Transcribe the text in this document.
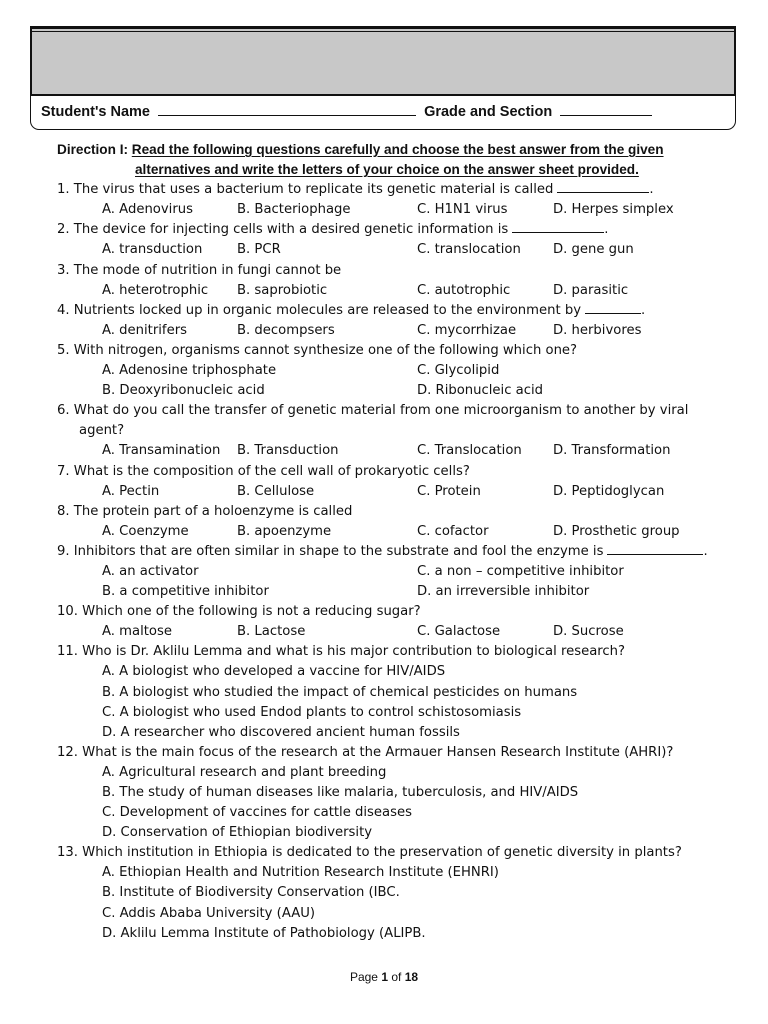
Student's Name	Grade and Section
Direction I: Read the following questions carefully and choose the best answer from the given
alternatives and write the letters of your choice on the answer sheet provided.
1. The virus that uses a bacterium to replicate its genetic material is called	.
A. Adenovirus	B. Bacteriophage	C. H1N1 virus	D. Herpes simplex
2. The device for injecting cells with a desired genetic information is	.
A. transduction	B. PCR	C. translocation D. gene gun
3. The mode of nutrition in fungi cannot be
A. heterotrophic B. saprobiotic	C. autotrophic	D. parasitic
4. Nutrients locked up in organic molecules are released to the environment by	.
A. denitrifers	B. decompsers	C. mycorrhizae	D. herbivores
5. With nitrogen, organisms cannot synthesize one of the following which one?
A. Adenosine triphosphate	C. Glycolipid
B. Deoxyribonucleic acid	D. Ribonucleic acid
6. What do you call the transfer of genetic material from one microorganism to another by viral
agent?
A. Transamination B. Transduction	C. Translocation D. Transformation
7. What is the composition of the cell wall of prokaryotic cells?
A. Pectin	B. Cellulose	C. Protein	D. Peptidoglycan
8. The protein part of a holoenzyme is called
A. Coenzyme	B. apoenzyme	C. cofactor	D. Prosthetic group
9. Inhibitors that are often similar in shape to the substrate and fool the enzyme is	.
A. an activator	C. a non – competitive inhibitor
B. a competitive inhibitor	D. an irreversible inhibitor
10. Which one of the following is not a reducing sugar?
A. maltose	B. Lactose	C. Galactose	D. Sucrose
11. Who is Dr. Aklilu Lemma and what is his major contribution to biological research?
A. A biologist who developed a vaccine for HIV/AIDS
B. A biologist who studied the impact of chemical pesticides on humans
C. A biologist who used Endod plants to control schistosomiasis
D. A researcher who discovered ancient human fossils
12. What is the main focus of the research at the Armauer Hansen Research Institute (AHRI)?
A. Agricultural research and plant breeding
B. The study of human diseases like malaria, tuberculosis, and HIV/AIDS
C. Development of vaccines for cattle diseases
D. Conservation of Ethiopian biodiversity
13. Which institution in Ethiopia is dedicated to the preservation of genetic diversity in plants?
A. Ethiopian Health and Nutrition Research Institute (EHNRI)
B. Institute of Biodiversity Conservation (IBC.
C. Addis Ababa University (AAU)
D. Aklilu Lemma Institute of Pathobiology (ALIPB.
Page 1 of 18
